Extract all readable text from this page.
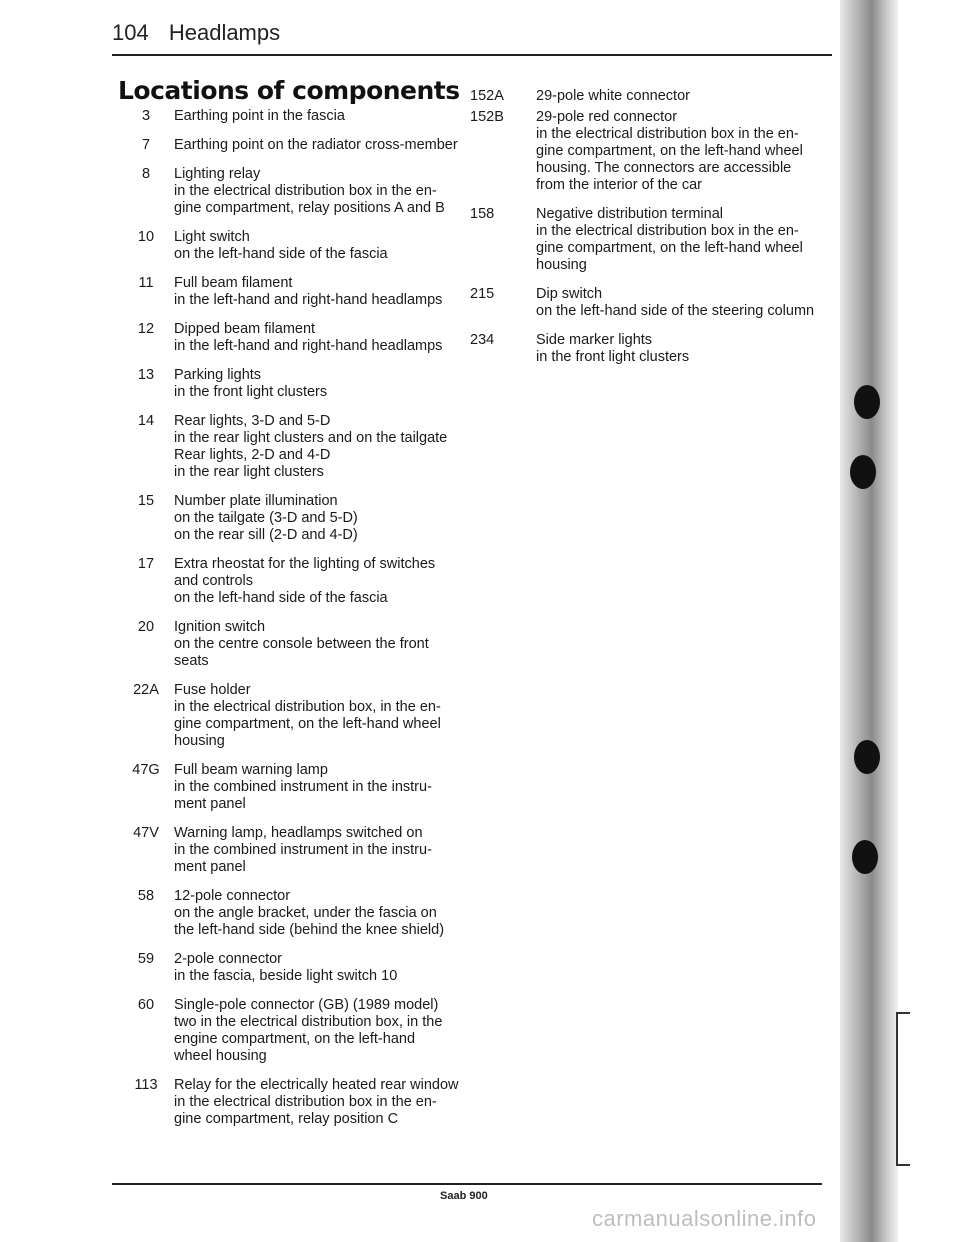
104 Headlamps
Locations of components
3	Earthing point in the fascia
7	Earthing point on the radiator cross-member
8	Lighting relay
in the electrical distribution box in the en-
gine compartment, relay positions A and B
10	Light switch
on the left-hand side of the fascia
11	Full beam filament
in the left-hand and right-hand headlamps
12	Dipped beam filament
in the left-hand and right-hand headlamps
13	Parking lights
in the front light clusters
14	Rear lights, 3-D and 5-D
in the rear light clusters and on the tailgate
Rear lights, 2-D and 4-D
in the rear light clusters
15	Number plate illumination
on the tailgate (3-D and 5-D)
on the rear sill (2-D and 4-D)
17	Extra rheostat for the lighting of switches
and controls
on the left-hand side of the fascia
20	Ignition switch
on the centre console between the front
seats
22A	Fuse holder
in the electrical distribution box, in the en-
gine compartment, on the left-hand wheel
housing
47G Full beam warning lamp
in the combined instrument in the instru-
ment panel
47V	Warning lamp, headlamps switched on
in the combined instrument in the instru-
ment panel
58	12-pole connector
on the angle bracket, under the fascia on
the left-hand side (behind the knee shield)
59	2-pole connector
in the fascia, beside light switch 10
60	Single-pole connector (GB) (1989 model)
two in the electrical distribution box, in the
engine compartment, on the left-hand
wheel housing
113	Relay for the electrically heated rear window
in the electrical distribution box in the en-
gine compartment, relay position C
152A	29-pole white connector
152B	29-pole red connector
in the electrical distribution box in the en-
gine compartment, on the left-hand wheel
housing. The connectors are accessible
from the interior of the car
158	Negative distribution terminal
in the electrical distribution box in the en-
gine compartment, on the left-hand wheel
housing
215	Dip switch
on the left-hand side of the steering column
234	Side marker lights
in the front light clusters
Saab 900
carmanualsonline.info
